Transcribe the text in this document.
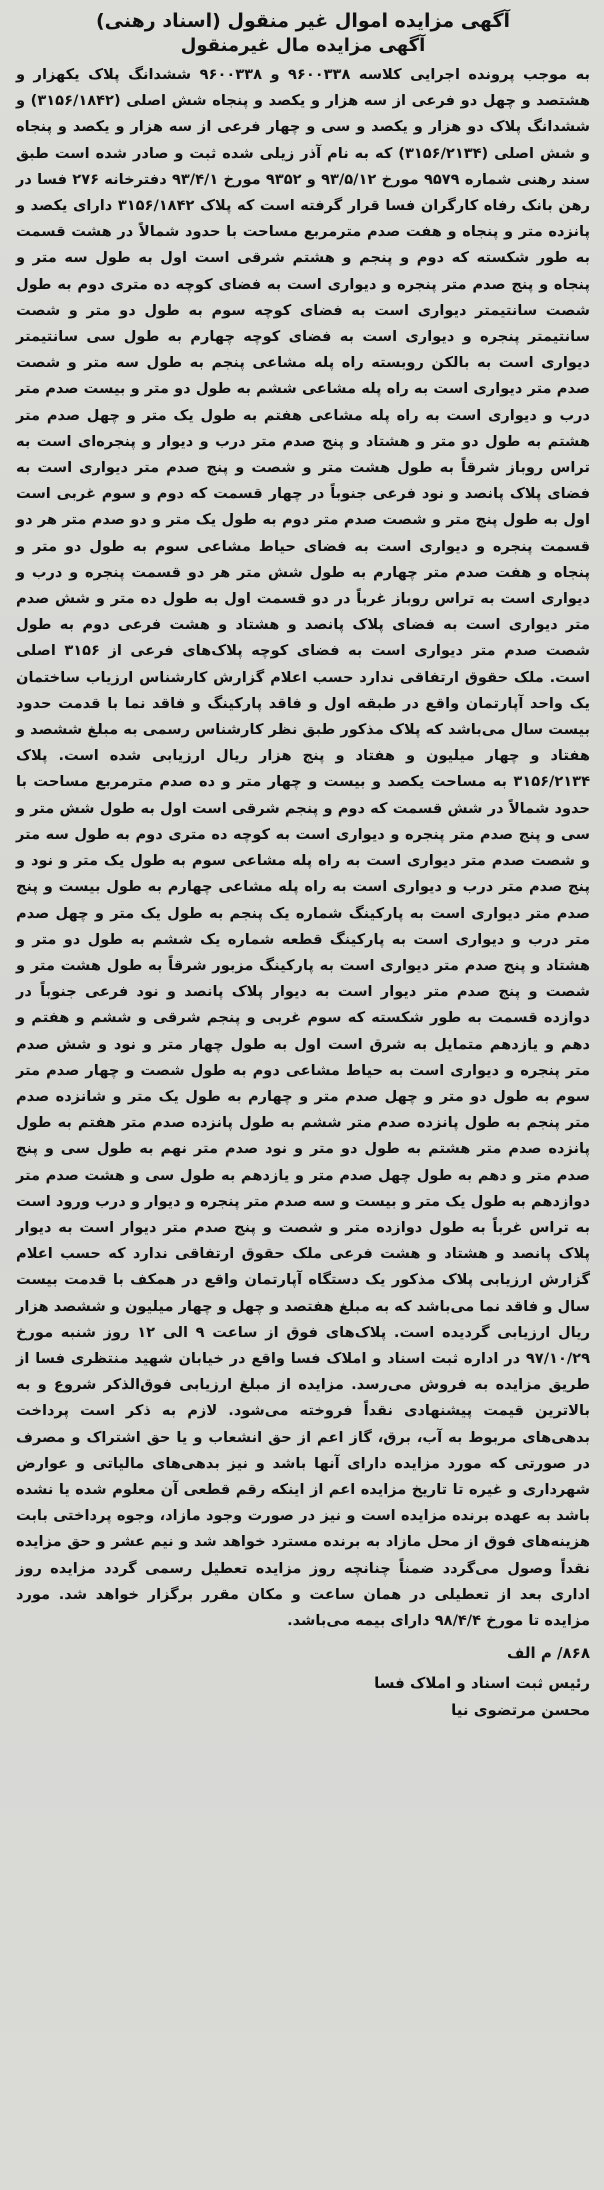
آگهی مزایده اموال غیر منقول (اسناد رهنی)
آگهی مزایده مال غیرمنقول

به موجب پرونده اجرایی کلاسه ۹۶۰۰۳۳۸ و ۹۶۰۰۳۳۸ ششدانگ پلاک یکهزار و هشتصد و چهل دو فرعی از سه هزار و یکصد و پنجاه شش اصلی (۳۱۵۶/۱۸۴۲) و ششدانگ پلاک دو هزار و یکصد و سی و چهار فرعی از سه هزار و یکصد و پنجاه و شش اصلی (۳۱۵۶/۲۱۳۴) که به نام آذر زیلی شده ثبت و صادر شده است طبق سند رهنی شماره ۹۵۷۹ مورخ ۹۳/۵/۱۲ و ۹۳۵۲ مورخ ۹۳/۴/۱ دفترخانه ۲۷۶ فسا در رهن بانک رفاه کارگران فسا قرار گرفته است که پلاک ۳۱۵۶/۱۸۴۲ دارای یکصد و پانزده متر و پنجاه و هفت صدم مترمربع مساحت با حدود شمالاً در هشت قسمت به طور شکسته که دوم و پنجم و هشتم شرقی است اول به طول سه متر و پنجاه و پنج صدم متر پنجره و دیواری است به فضای کوچه ده متری دوم به طول شصت سانتیمتر دیواری است به فضای کوچه سوم به طول دو متر و شصت سانتیمتر پنجره و دیواری است به فضای کوچه چهارم به طول سی سانتیمتر دیواری است به بالکن روبسته راه پله مشاعی پنجم به طول سه متر و شصت صدم متر دیواری است به راه پله مشاعی ششم به طول دو متر و بیست صدم متر درب و دیواری است به راه پله مشاعی هفتم به طول یک متر و چهل صدم متر هشتم به طول دو متر و هشتاد و پنج صدم متر درب و دیوار و پنجره‌ای است به تراس روباز شرقاً به طول هشت متر و شصت و پنج صدم متر دیواری است به فضای پلاک پانصد و نود فرعی جنوباً در چهار قسمت که دوم و سوم غربی است اول به طول پنج متر و شصت صدم متر دوم به طول یک متر و دو صدم متر هر دو قسمت پنجره و دیواری است به فضای حیاط مشاعی سوم به طول دو متر و پنجاه و هفت صدم متر چهارم به طول شش متر هر دو قسمت پنجره و درب و دیواری است به تراس روباز غرباً در دو قسمت اول به طول ده متر و شش صدم متر دیواری است به فضای پلاک پانصد و هشتاد و هشت فرعی دوم به طول شصت صدم متر دیواری است به فضای کوچه پلاک‌های فرعی از ۳۱۵۶ اصلی است. ملک حقوق ارتفاقی ندارد حسب اعلام گزارش کارشناس ارزیاب ساختمان یک واحد آپارتمان واقع در طبقه اول و فاقد پارکینگ و فاقد نما با قدمت حدود بیست سال می‌باشد که پلاک مذکور طبق نظر کارشناس رسمی به مبلغ ششصد و هفتاد و چهار میلیون و هفتاد و پنج هزار ریال ارزیابی شده است. پلاک ۳۱۵۶/۲۱۳۴ به مساحت یکصد و بیست و چهار متر و ده صدم مترمربع مساحت با حدود شمالاً در شش قسمت که دوم و پنجم شرقی است اول به طول شش متر و سی و پنج صدم متر پنجره و دیواری است به کوچه ده متری دوم به طول سه متر و شصت صدم متر دیواری است به راه پله مشاعی سوم به طول یک متر و نود و پنج صدم متر درب و دیواری است به راه پله مشاعی چهارم به طول بیست و پنج صدم متر دیواری است به پارکینگ شماره یک پنجم به طول یک متر و چهل صدم متر درب و دیواری است به پارکینگ قطعه شماره یک ششم به طول دو متر و هشتاد و پنج صدم متر دیواری است به پارکینگ مزبور شرقاً به طول هشت متر و شصت و پنج صدم متر دیوار است به دیوار پلاک پانصد و نود فرعی جنوباً در دوازده قسمت به طور شکسته که سوم غربی و پنجم شرقی و ششم و هفتم و دهم و یازدهم متمایل به شرق است اول به طول چهار متر و نود و شش صدم متر پنجره و دیواری است به حیاط مشاعی دوم به طول شصت و چهار صدم متر سوم به طول دو متر و چهل صدم متر و چهارم به طول یک متر و شانزده صدم متر پنجم به طول پانزده صدم متر ششم به طول پانزده صدم متر هفتم به طول پانزده صدم متر هشتم به طول دو متر و نود صدم متر نهم به طول سی و پنج صدم متر و دهم به طول چهل صدم متر و یازدهم به طول سی و هشت صدم متر دوازدهم به طول یک متر و بیست و سه صدم متر پنجره و دیوار و درب ورود است به تراس غرباً به طول دوازده متر و شصت و پنج صدم متر دیوار است به دیوار پلاک پانصد و هشتاد و هشت فرعی ملک حقوق ارتفاقی ندارد که حسب اعلام گزارش ارزیابی پلاک مذکور یک دستگاه آپارتمان واقع در همکف با قدمت بیست سال و فاقد نما می‌باشد که به مبلغ هفتصد و چهل و چهار میلیون و ششصد هزار ریال ارزیابی گردیده است. پلاک‌های فوق از ساعت ۹ الی ۱۲ روز شنبه مورخ ۹۷/۱۰/۲۹ در اداره ثبت اسناد و املاک فسا واقع در خیابان شهید منتظری فسا از طریق مزایده به فروش می‌رسد. مزایده از مبلغ ارزیابی فوق‌الذکر شروع و به بالاترین قیمت پیشنهادی نقداً فروخته می‌شود. لازم به ذکر است پرداخت بدهی‌های مربوط به آب، برق، گاز اعم از حق انشعاب و یا حق اشتراک و مصرف در صورتی که مورد مزایده دارای آنها باشد و نیز بدهی‌های مالیاتی و عوارض شهرداری و غیره تا تاریخ مزایده اعم از اینکه رقم قطعی آن معلوم شده یا نشده باشد به عهده برنده مزایده است و نیز در صورت وجود مازاد، وجوه پرداختی بابت هزینه‌های فوق از محل مازاد به برنده مسترد خواهد شد و نیم عشر و حق مزایده نقداً وصول می‌گردد ضمناً چنانچه روز مزایده تعطیل رسمی گردد مزایده روز اداری بعد از تعطیلی در همان ساعت و مکان مقرر برگزار خواهد شد. مورد مزایده تا مورخ ۹۸/۴/۴ دارای بیمه می‌باشد.

۸۶۸/ م الف
رئیس ثبت اسناد و املاک فسا
محسن مرتضوی نیا
